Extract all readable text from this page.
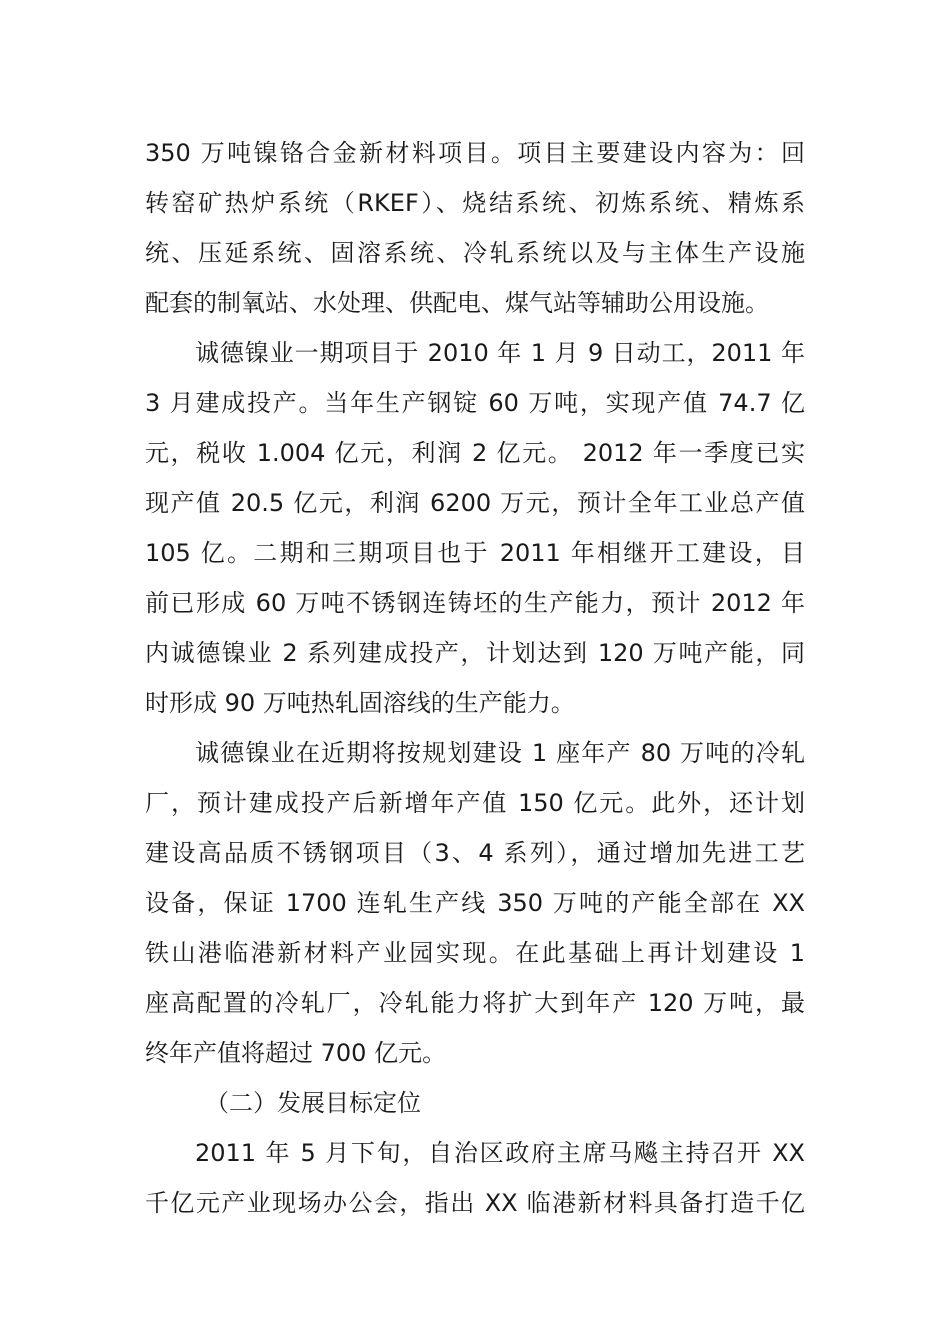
350 万吨镍铬合金新材料项目。项目主要建设内容为：回
转窑矿热炉系统（RKEF）、烧结系统、初炼系统、精炼系
统、压延系统、固溶系统、冷轧系统以及与主体生产设施
配套的制氧站、水处理、供配电、煤气站等辅助公用设施。
诚德镍业一期项目于 2010 年 1 月 9 日动工，2011 年
3 月建成投产。当年生产钢锭 60 万吨，实现产值 74.7 亿
元，税收 1.004 亿元，利润 2 亿元。 2012 年一季度已实
现产值 20.5 亿元，利润 6200 万元，预计全年工业总产值
105 亿。二期和三期项目也于 2011 年相继开工建设，目
前已形成 60 万吨不锈钢连铸坯的生产能力，预计 2012 年
内诚德镍业 2 系列建成投产，计划达到 120 万吨产能，同
时形成 90 万吨热轧固溶线的生产能力。
诚德镍业在近期将按规划建设 1 座年产 80 万吨的冷轧
厂，预计建成投产后新增年产值 150 亿元。此外，还计划
建设高品质不锈钢项目（3、4 系列），通过增加先进工艺
设备，保证 1700 连轧生产线 350 万吨的产能全部在 XX
铁山港临港新材料产业园实现。在此基础上再计划建设 1
座高配置的冷轧厂，冷轧能力将扩大到年产 120 万吨，最
终年产值将超过 700 亿元。
（二）发展目标定位
2011 年 5 月下旬，自治区政府主席马飚主持召开 XX
千亿元产业现场办公会，指出 XX 临港新材料具备打造千亿
